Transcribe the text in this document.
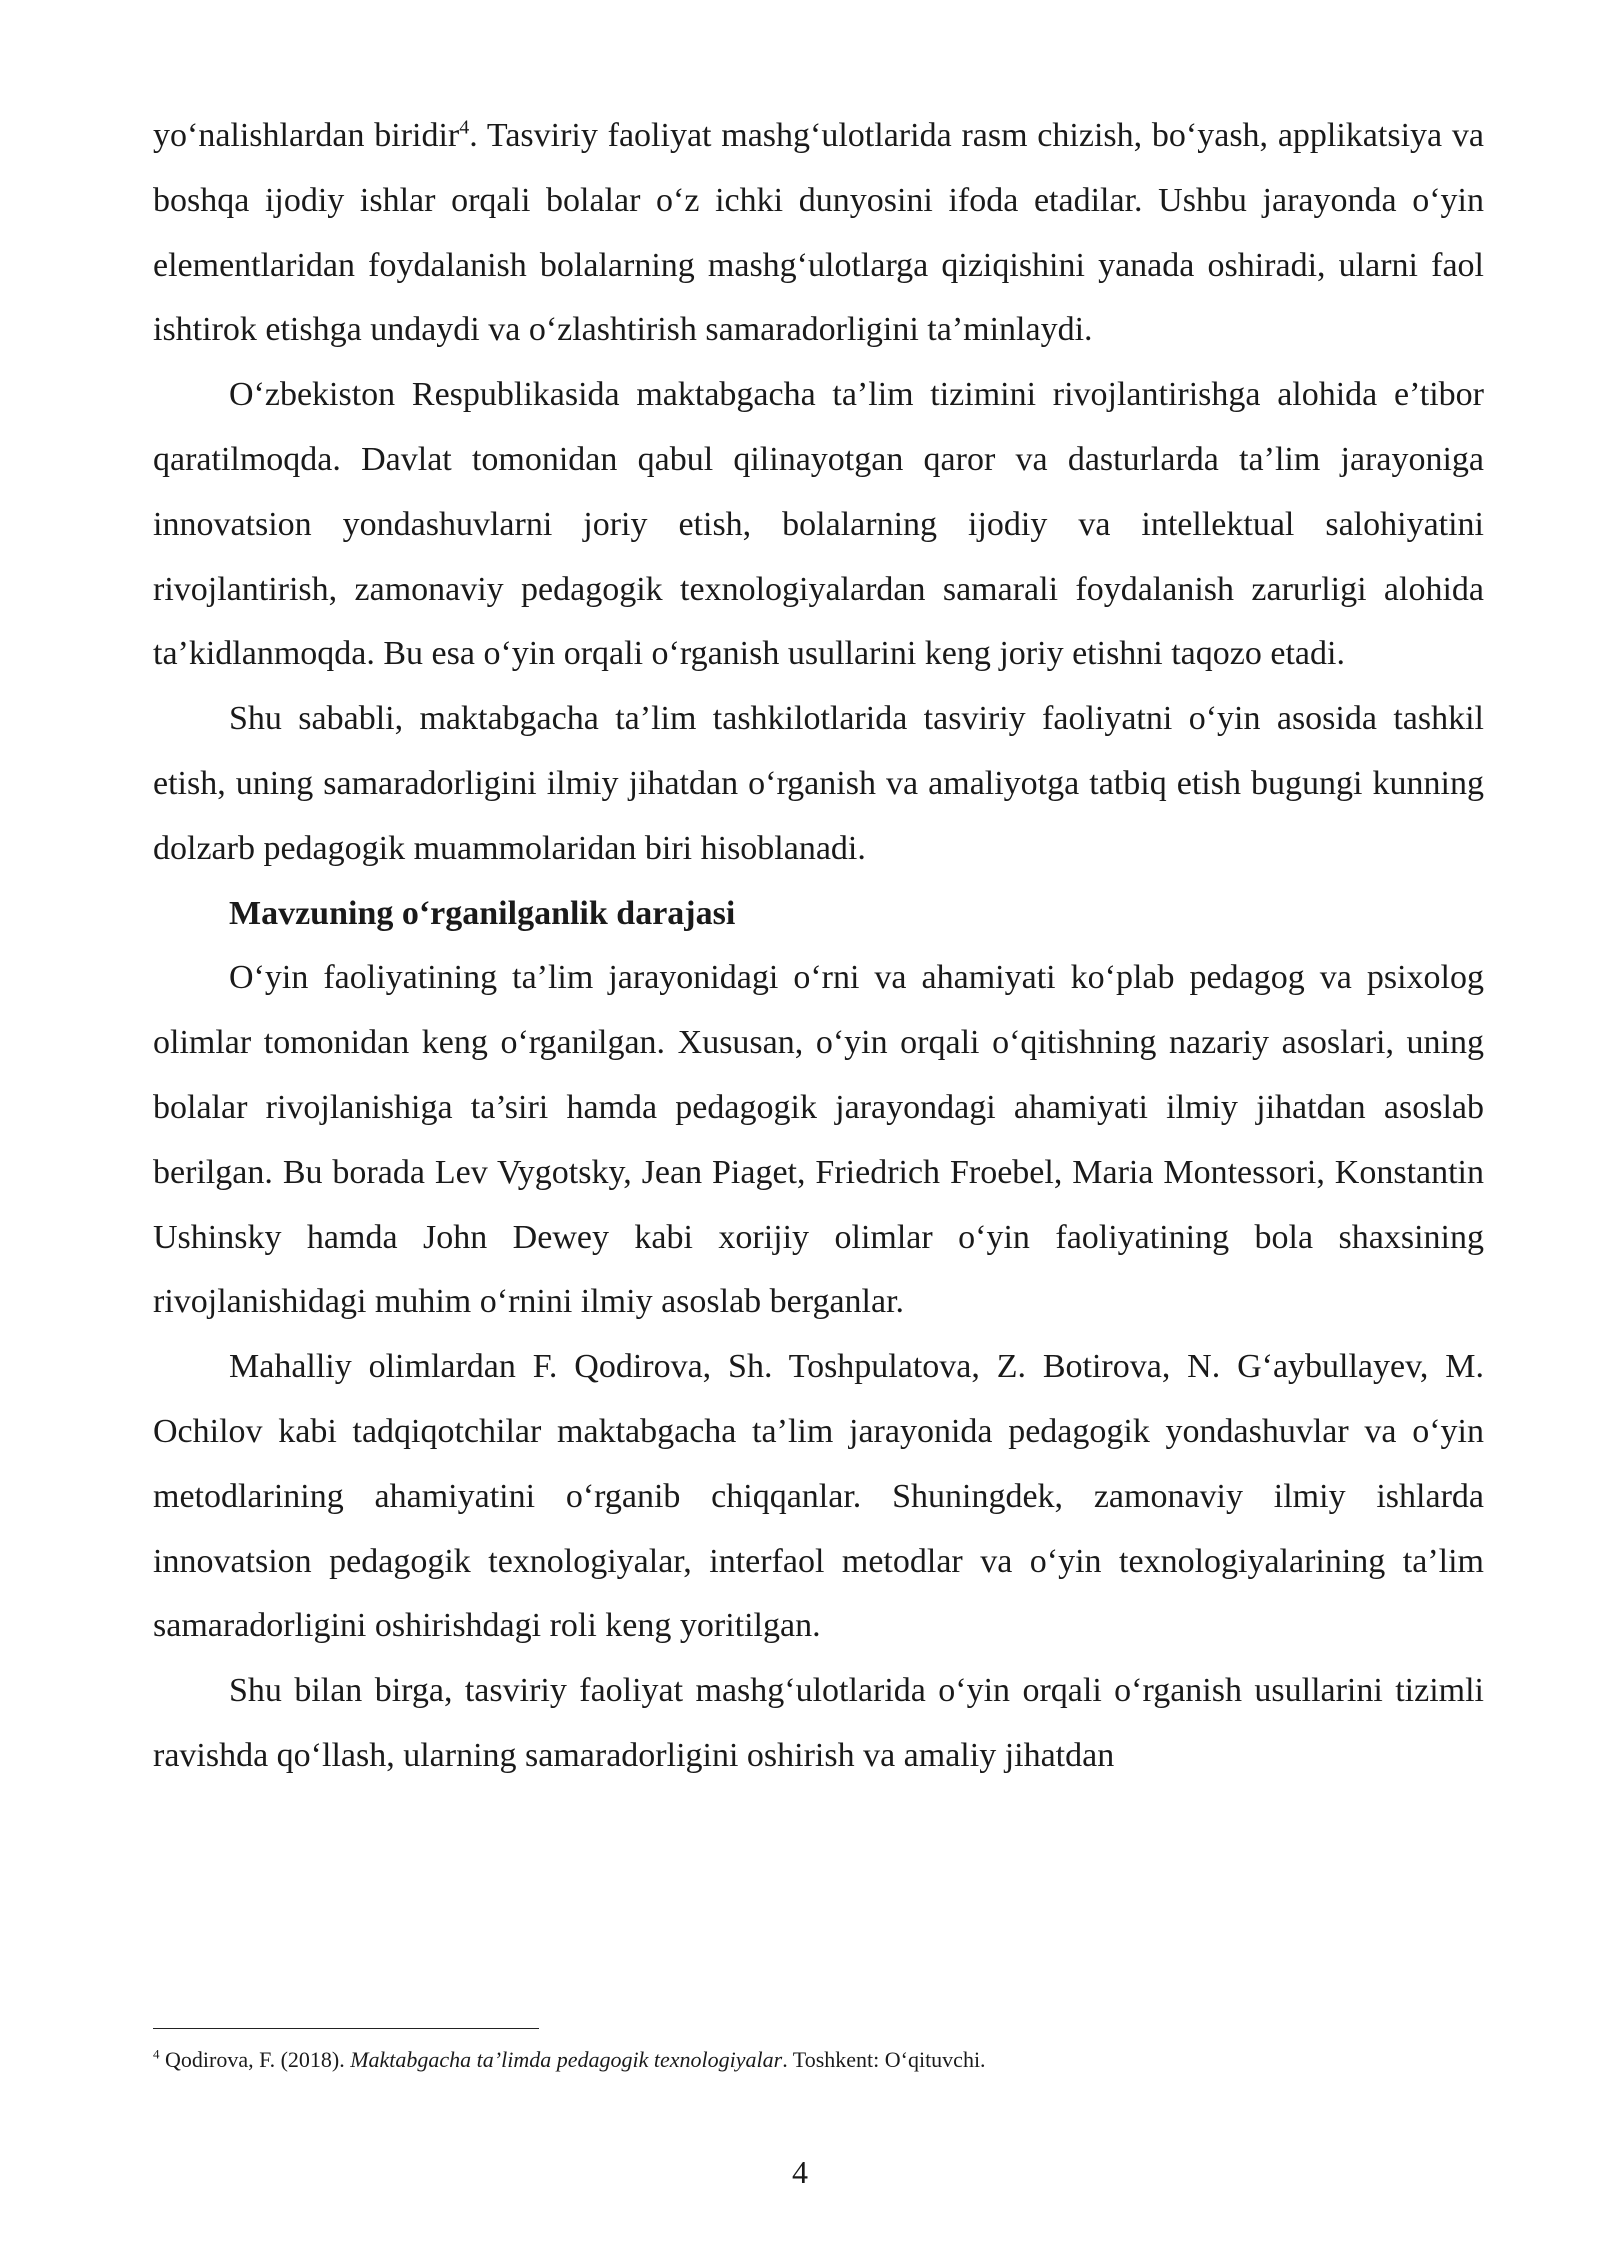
yo‘nalishlardan biridir$^4$. Tasviriy faoliyat mashg‘ulotlarida rasm chizish, bo‘yash, applikatsiya va boshqa ijodiy ishlar orqali bolalar o‘z ichki dunyosini ifoda etadilar. Ushbu jarayonda o‘yin elementlaridan foydalanish bolalarning mashg‘ulotlarga qiziqishini yanada oshiradi, ularni faol ishtirok etishga undaydi va o‘zlashtirish samaradorligini ta’minlaydi.

O‘zbekiston Respublikasida maktabgacha ta’lim tizimini rivojlantirishga alohida e’tibor qaratilmoqda. Davlat tomonidan qabul qilinayotgan qaror va dasturlarda ta’lim jarayoniga innovatsion yondashuvlarni joriy etish, bolalarning ijodiy va intellektual salohiyatini rivojlantirish, zamonaviy pedagogik texnologiyalardan samarali foydalanish zarurligi alohida ta’kidlanmoqda. Bu esa o‘yin orqali o‘rganish usullarini keng joriy etishni taqozo etadi.

Shu sababli, maktabgacha ta’lim tashkilotlarida tasviriy faoliyatni o‘yin asosida tashkil etish, uning samaradorligini ilmiy jihatdan o‘rganish va amaliyotga tatbiq etish bugungi kunning dolzarb pedagogik muammolaridan biri hisoblanadi.

Mavzuning o‘rganilganlik darajasi

O‘yin faoliyatining ta’lim jarayonidagi o‘rni va ahamiyati ko‘plab pedagog va psixolog olimlar tomonidan keng o‘rganilgan. Xususan, o‘yin orqali o‘qitishning nazariy asoslari, uning bolalar rivojlanishiga ta’siri hamda pedagogik jarayondagi ahamiyati ilmiy jihatdan asoslab berilgan. Bu borada Lev Vygotsky, Jean Piaget, Friedrich Froebel, Maria Montessori, Konstantin Ushinsky hamda John Dewey kabi xorijiy olimlar o‘yin faoliyatining bola shaxsining rivojlanishidagi muhim o‘rnini ilmiy asoslab berganlar.

Mahalliy olimlardan F. Qodirova, Sh. Toshpulatova, Z. Botirova, N. G‘aybullayev, M. Ochilov kabi tadqiqotchilar maktabgacha ta’lim jarayonida pedagogik yondashuvlar va o‘yin metodlarining ahamiyatini o‘rganib chiqqanlar. Shuningdek, zamonaviy ilmiy ishlarda innovatsion pedagogik texnologiyalar, interfaol metodlar va o‘yin texnologiyalarining ta’lim samaradorligini oshirishdagi roli keng yoritilgan.

Shu bilan birga, tasviriy faoliyat mashg‘ulotlarida o‘yin orqali o‘rganish usullarini tizimli ravishda qo‘llash, ularning samaradorligini oshirish va amaliy jihatdan

$^4$ Qodirova, F. (2018). Maktabgacha ta’limda pedagogik texnologiyalar. Toshkent: O‘qituvchi.

4
